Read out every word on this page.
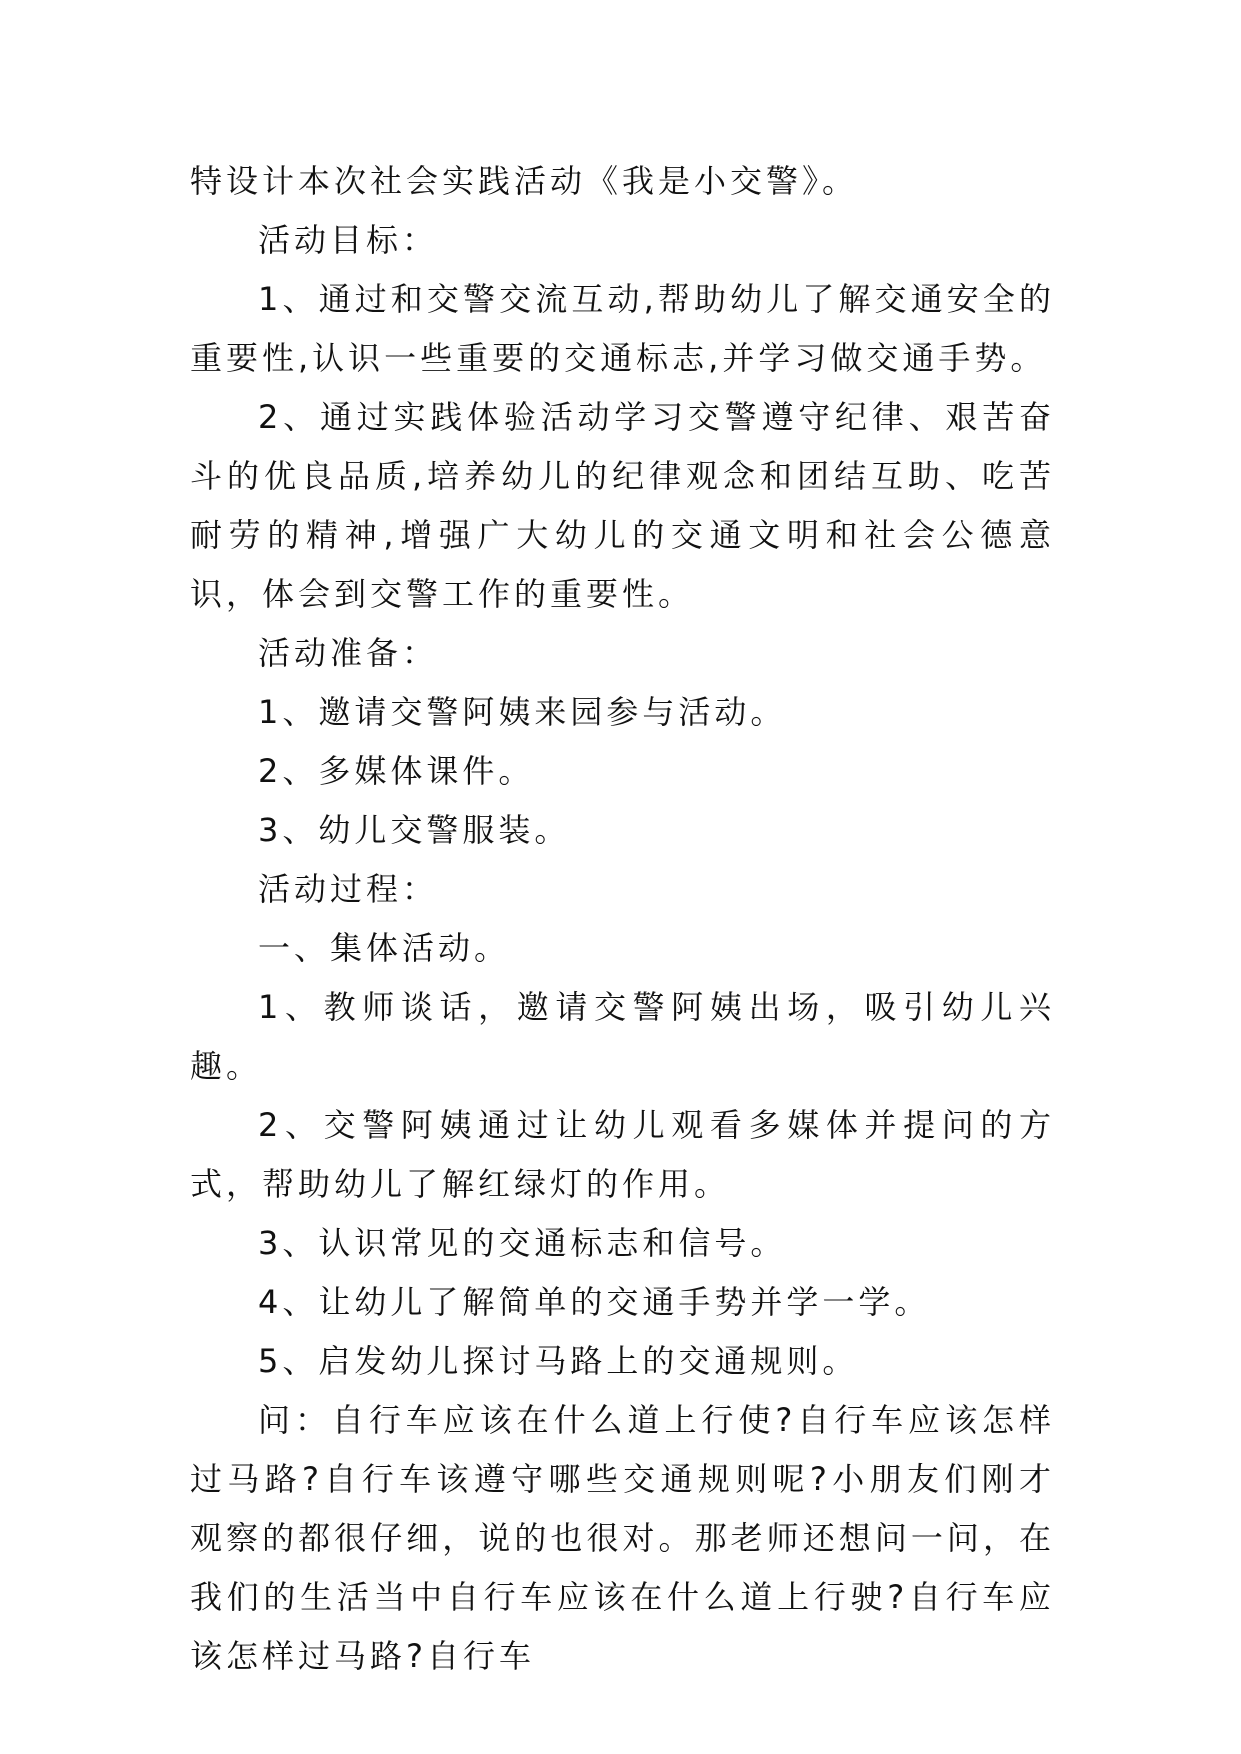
特设计本次社会实践活动《我是小交警》。

活动目标：

1、通过和交警交流互动,帮助幼儿了解交通安全的重要性,认识一些重要的交通标志,并学习做交通手势。

2、通过实践体验活动学习交警遵守纪律、艰苦奋斗的优良品质,培养幼儿的纪律观念和团结互助、吃苦耐劳的精神,增强广大幼儿的交通文明和社会公德意识，体会到交警工作的重要性。

活动准备：

1、邀请交警阿姨来园参与活动。

2、多媒体课件。

3、幼儿交警服装。

活动过程：

一、集体活动。

1、教师谈话，邀请交警阿姨出场，吸引幼儿兴趣。

2、交警阿姨通过让幼儿观看多媒体并提问的方式，帮助幼儿了解红绿灯的作用。

3、认识常见的交通标志和信号。

4、让幼儿了解简单的交通手势并学一学。

5、启发幼儿探讨马路上的交通规则。

问：自行车应该在什么道上行使?自行车应该怎样过马路?自行车该遵守哪些交通规则呢?小朋友们刚才观察的都很仔细，说的也很对。那老师还想问一问，在我们的生活当中自行车应该在什么道上行驶?自行车应该怎样过马路?自行车
